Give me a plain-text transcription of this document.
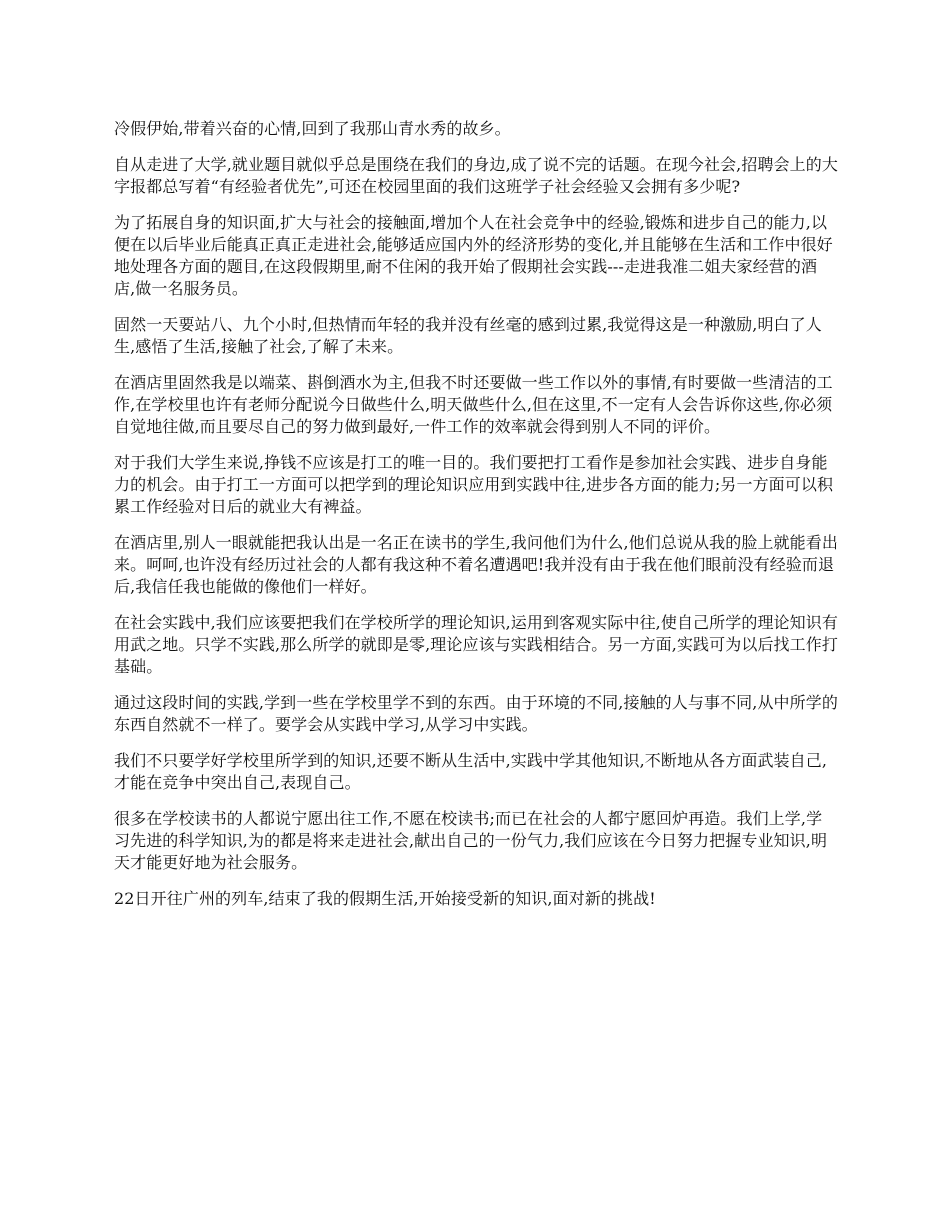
冷假伊始,带着兴奋的心情,回到了我那山青水秀的故乡。

自从走进了大学,就业题目就似乎总是围绕在我们的身边,成了说不完的话题。在现今社会,招聘会上的大字报都总写着“有经验者优先”,可还在校园里面的我们这班学子社会经验又会拥有多少呢?

为了拓展自身的知识面,扩大与社会的接触面,增加个人在社会竞争中的经验,锻炼和进步自己的能力,以便在以后毕业后能真正真正走进社会,能够适应国内外的经济形势的变化,并且能够在生活和工作中很好地处理各方面的题目,在这段假期里,耐不住闲的我开始了假期社会实践---走进我准二姐夫家经营的酒店,做一名服务员。

固然一天要站八、九个小时,但热情而年轻的我并没有丝毫的感到过累,我觉得这是一种激励,明白了人生,感悟了生活,接触了社会,了解了未来。

在酒店里固然我是以端菜、斟倒酒水为主,但我不时还要做一些工作以外的事情,有时要做一些清洁的工作,在学校里也许有老师分配说今日做些什么,明天做些什么,但在这里,不一定有人会告诉你这些,你必须自觉地往做,而且要尽自己的努力做到最好,一件工作的效率就会得到别人不同的评价。

对于我们大学生来说,挣钱不应该是打工的唯一目的。我们要把打工看作是参加社会实践、进步自身能力的机会。由于打工一方面可以把学到的理论知识应用到实践中往,进步各方面的能力;另一方面可以积累工作经验对日后的就业大有裨益。

在酒店里,别人一眼就能把我认出是一名正在读书的学生,我问他们为什么,他们总说从我的脸上就能看出来。呵呵,也许没有经历过社会的人都有我这种不着名遭遇吧!我并没有由于我在他们眼前没有经验而退后,我信任我也能做的像他们一样好。

在社会实践中,我们应该要把我们在学校所学的理论知识,运用到客观实际中往,使自己所学的理论知识有用武之地。只学不实践,那么所学的就即是零,理论应该与实践相结合。另一方面,实践可为以后找工作打基础。

通过这段时间的实践,学到一些在学校里学不到的东西。由于环境的不同,接触的人与事不同,从中所学的东西自然就不一样了。要学会从实践中学习,从学习中实践。

我们不只要学好学校里所学到的知识,还要不断从生活中,实践中学其他知识,不断地从各方面武装自己,才能在竞争中突出自己,表现自己。

很多在学校读书的人都说宁愿出往工作,不愿在校读书;而已在社会的人都宁愿回炉再造。我们上学,学习先进的科学知识,为的都是将来走进社会,献出自己的一份气力,我们应该在今日努力把握专业知识,明天才能更好地为社会服务。

22日开往广州的列车,结束了我的假期生活,开始接受新的知识,面对新的挑战!
